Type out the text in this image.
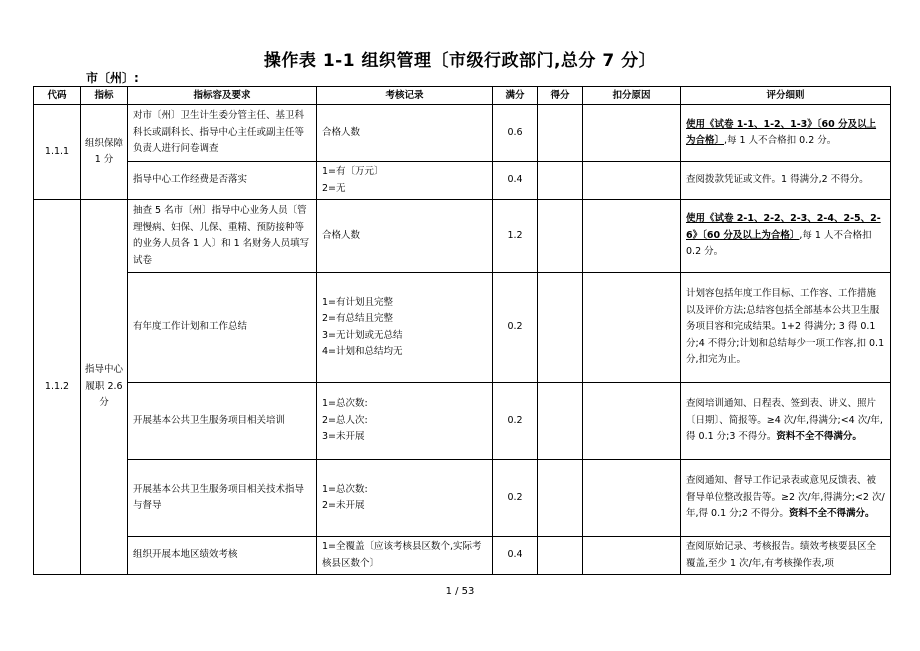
操作表 1-1 组织管理〔市级行政部门,总分 7 分〕
市〔州〕:
代码	指标	指标容及要求	考核记录	满分	得分	扣分原因	评分细则
1.1.1	组织保障 1 分	对市〔州〕卫生计生委分管主任、基卫科科长或副科长、指导中心主任或副主任等负责人进行问卷调查	合格人数	0.6			使用《试卷 1-1、1-2、1-3》〔60 分及以上为合格〕,每 1 人不合格扣 0.2 分。
		指导中心工作经费是否落实	1=有〔万元〕
2=无	0.4			查阅拨款凭证或文件。1 得满分,2 不得分。
1.1.2	指导中心履职 2.6 分	抽查 5 名市〔州〕指导中心业务人员〔管理慢病、妇保、儿保、重精、预防接种等的业务人员各 1 人〕和 1 名财务人员填写试卷	合格人数	1.2			使用《试卷 2-1、2-2、2-3、2-4、2-5、2-6》〔60 分及以上为合格〕,每 1 人不合格扣 0.2 分。
		有年度工作计划和工作总结	1=有计划且完整
2=有总结且完整
3=无计划或无总结
4=计划和总结均无	0.2			计划容包括年度工作目标、工作容、工作措施以及评价方法;总结容包括全部基本公共卫生服务项目容和完成结果。1+2 得满分; 3 得 0.1 分;4 不得分;计划和总结每少一项工作容,扣 0.1 分,扣完为止。
		开展基本公共卫生服务项目相关培训	1=总次数:
2=总人次:
3=未开展	0.2			查阅培训通知、日程表、签到表、讲义、照片〔日期〕、简报等。≥4 次/年,得满分;<4 次/年,得 0.1 分;3 不得分。资料不全不得满分。
		开展基本公共卫生服务项目相关技术指导与督导	1=总次数:
2=未开展	0.2			查阅通知、督导工作记录表或意见反馈表、被督导单位整改报告等。≥2 次/年,得满分;<2 次/年,得 0.1 分;2 不得分。资料不全不得满分。
		组织开展本地区绩效考核	1=全覆盖〔应该考核县区数个,实际考核县区数个〕	0.4			查阅原始记录、考核报告。绩效考核要县区全覆盖,至少 1 次/年,有考核操作表,项
1 / 53
